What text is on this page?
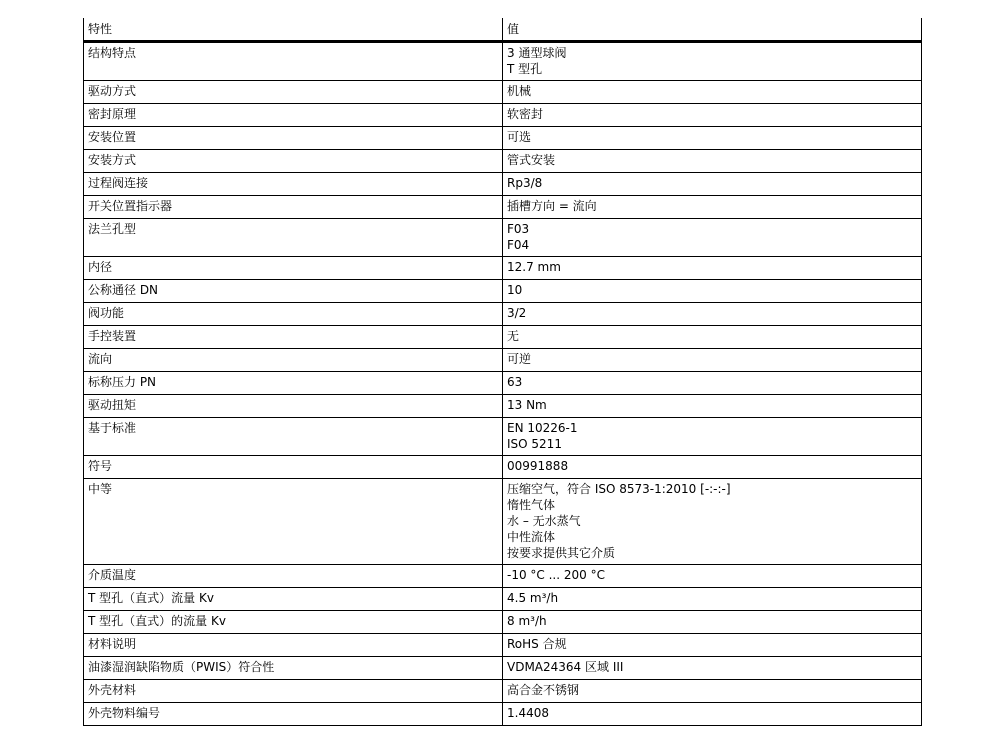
特性	值
结构特点	3 通型球阀
T 型孔
驱动方式	机械
密封原理	软密封
安装位置	可选
安装方式	管式安装
过程阀连接	Rp3/8
开关位置指示器	插槽方向 = 流向
法兰孔型	F03
F04
内径	12.7 mm
公称通径 DN	10
阀功能	3/2
手控装置	无
流向	可逆
标称压力 PN	63
驱动扭矩	13 Nm
基于标准	EN 10226-1
ISO 5211
符号	00991888
中等	压缩空气，符合 ISO 8573-1:2010 [-:-:-]
惰性气体
水 – 无水蒸气
中性流体
按要求提供其它介质
介质温度	-10 °C ... 200 °C
T 型孔（直式）流量 Kv	4.5 m³/h
T 型孔（直式）的流量 Kv	8 m³/h
材料说明	RoHS 合规
油漆湿润缺陷物质（PWIS）符合性	VDMA24364 区域 III
外壳材料	高合金不锈钢
外壳物料编号	1.4408
